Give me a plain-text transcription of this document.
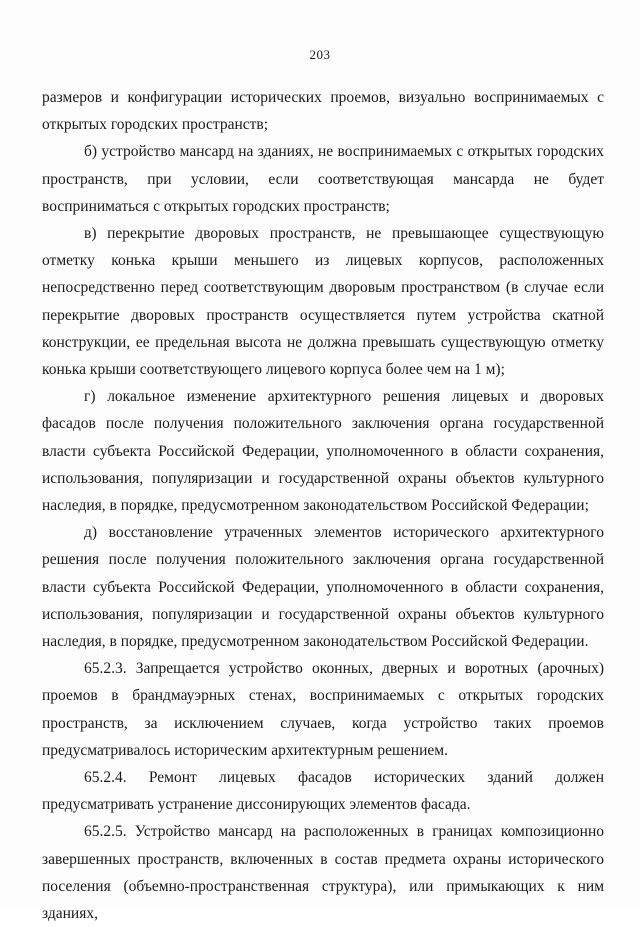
203

размеров и конфигурации исторических проемов, визуально воспринимаемых с открытых городских пространств;

б) устройство мансард на зданиях, не воспринимаемых с открытых городских пространств, при условии, если соответствующая мансарда не будет восприниматься с открытых городских пространств;

в) перекрытие дворовых пространств, не превышающее существующую отметку конька крыши меньшего из лицевых корпусов, расположенных непосредственно перед соответствующим дворовым пространством (в случае если перекрытие дворовых пространств осуществляется путем устройства скатной конструкции, ее предельная высота не должна превышать существующую отметку конька крыши соответствующего лицевого корпуса более чем на 1 м);

г) локальное изменение архитектурного решения лицевых и дворовых фасадов после получения положительного заключения органа государственной власти субъекта Российской Федерации, уполномоченного в области сохранения, использования, популяризации и государственной охраны объектов культурного наследия, в порядке, предусмотренном законодательством Российской Федерации;

д) восстановление утраченных элементов исторического архитектурного решения после получения положительного заключения органа государственной власти субъекта Российской Федерации, уполномоченного в области сохранения, использования, популяризации и государственной охраны объектов культурного наследия, в порядке, предусмотренном законодательством Российской Федерации.

65.2.3. Запрещается устройство оконных, дверных и воротных (арочных) проемов в брандмауэрных стенах, воспринимаемых с открытых городских пространств, за исключением случаев, когда устройство таких проемов предусматривалось историческим архитектурным решением.

65.2.4. Ремонт лицевых фасадов исторических зданий должен предусматривать устранение диссонирующих элементов фасада.

65.2.5. Устройство мансард на расположенных в границах композиционно завершенных пространств, включенных в состав предмета охраны исторического поселения (объемно-пространственная структура), или примыкающих к ним зданиях,
